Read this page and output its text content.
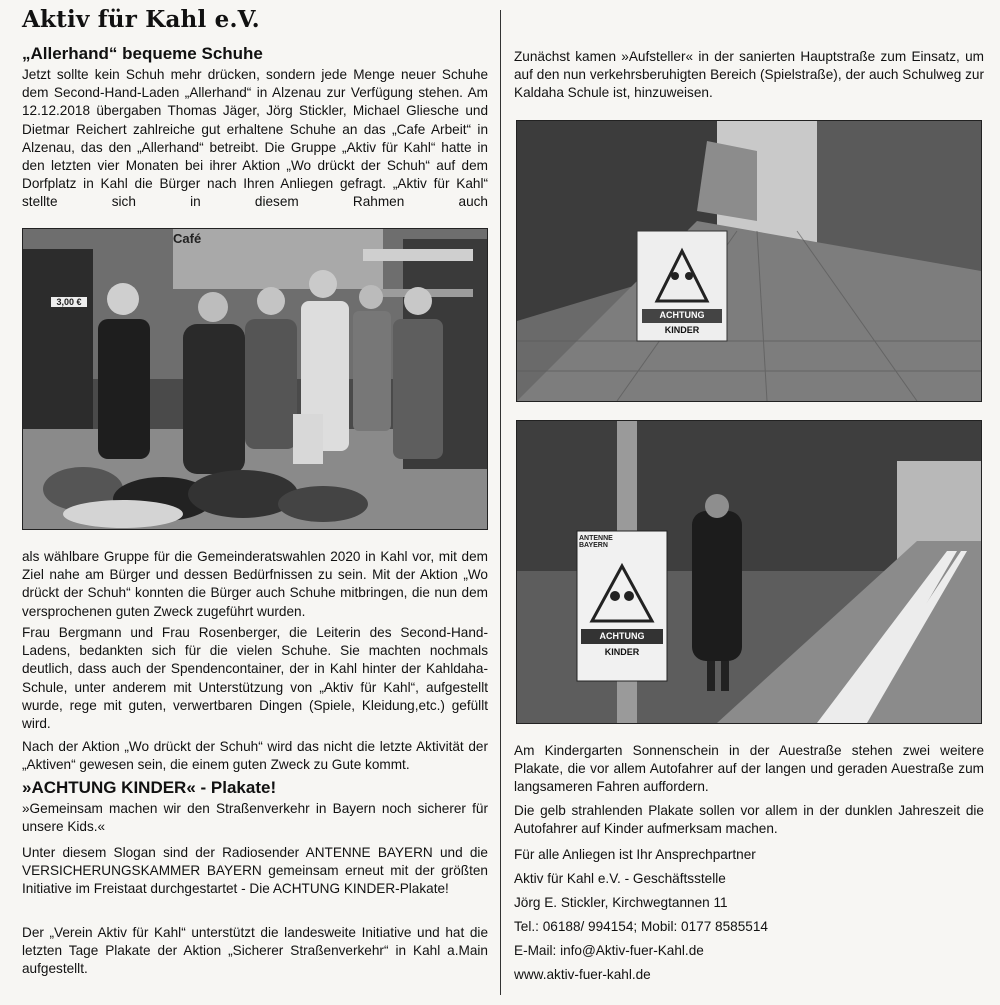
Aktiv für Kahl e.V.
„Allerhand“ bequeme Schuhe

Jetzt sollte kein Schuh mehr drücken, sondern jede Menge neuer Schuhe dem Second-Hand-Laden „Allerhand“ in Alzenau zur Verfügung stehen. Am 12.12.2018 übergaben Thomas Jäger, Jörg Stickler, Michael Gliesche und Dietmar Reichert zahlreiche gut erhaltene Schuhe an das „Cafe Arbeit“ in Alzenau, das den „Allerhand“ betreibt. Die Gruppe „Aktiv für Kahl“ hatte in den letzten vier Monaten bei ihrer Aktion „Wo drückt der Schuh“ auf dem Dorfplatz in Kahl die Bürger nach Ihren Anliegen gefragt. „Aktiv für Kahl“ stellte sich in diesem Rahmen auch

Café
3,00 €

als wählbare Gruppe für die Gemeinderatswahlen 2020 in Kahl vor, mit dem Ziel nahe am Bürger und dessen Bedürfnissen zu sein. Mit der Aktion „Wo drückt der Schuh“ konnten die Bürger auch Schuhe mitbringen, die nun dem versprochenen guten Zweck zugeführt wurden.

Frau Bergmann und Frau Rosenberger, die Leiterin des Second-Hand-Ladens, bedankten sich für die vielen Schuhe. Sie machten nochmals deutlich, dass auch der Spendencontainer, der in Kahl hinter der Kahldaha-Schule, unter anderem mit Unterstützung von „Aktiv für Kahl“, aufgestellt wurde, rege mit guten, verwertbaren Dingen (Spiele, Kleidung,etc.) gefüllt wird.

Nach der Aktion „Wo drückt der Schuh“ wird das nicht die letzte Aktivität der „Aktiven“ gewesen sein, die einem guten Zweck zu Gute kommt.

»ACHTUNG KINDER« - Plakate!

»Gemeinsam machen wir den Straßenverkehr in Bayern noch sicherer für unsere Kids.«

Unter diesem Slogan sind der Radiosender ANTENNE BAYERN und die VERSICHERUNGSKAMMER BAYERN gemeinsam erneut mit der größten Initiative im Freistaat durchgestartet - Die ACHTUNG KINDER-Plakate!

Der „Verein Aktiv für Kahl“ unterstützt die landesweite Initiative und hat die letzten Tage Plakate der Aktion „Sicherer Straßenverkehr“ in Kahl a.Main aufgestellt.

Zunächst kamen »Aufsteller« in der sanierten Hauptstraße zum Einsatz, um auf den nun verkehrsberuhigten Bereich (Spielstraße), der auch Schulweg zur Kaldaha Schule ist, hinzuweisen.

ACHTUNG
KINDER
ACHTUNG
KINDER
ANTENNE BAYERN

Am Kindergarten Sonnenschein in der Auestraße stehen zwei weitere Plakate, die vor allem Autofahrer auf der langen und geraden Auestraße zum langsameren Fahren auffordern.

Die gelb strahlenden Plakate sollen vor allem in der dunklen Jahreszeit die Autofahrer auf Kinder aufmerksam machen.

Für alle Anliegen ist Ihr Ansprechpartner
Aktiv für Kahl e.V. - Geschäftsstelle
Jörg E. Stickler, Kirchwegtannen 11
Tel.: 06188/ 994154; Mobil: 0177 8585514
E-Mail: info@Aktiv-fuer-Kahl.de
www.aktiv-fuer-kahl.de
